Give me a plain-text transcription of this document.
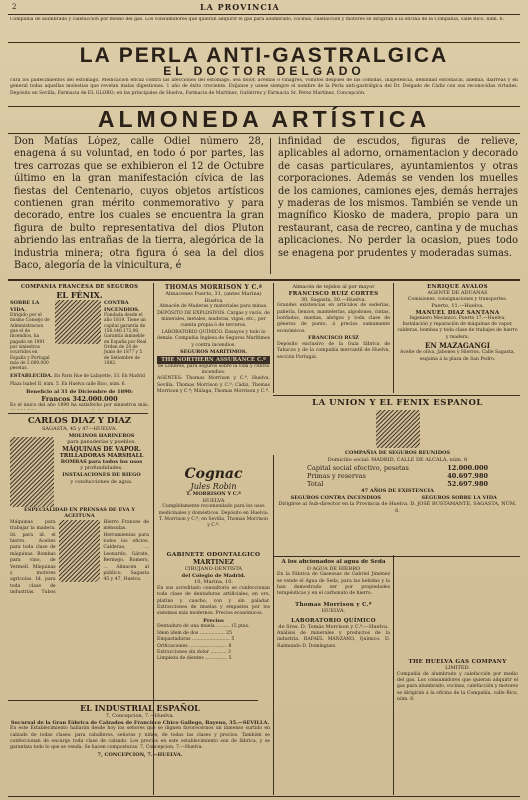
2	LA PROVINCIA
Compañía de alumbrado y calefacción por medio del gas. Los consumidores que quieran adquirir el gas para alumbrado, cocinas, calefacción y motores se dirigirán á la oficina de la Compañía, calle Rico, núm. 6.
LA PERLA ANTI-GASTRALGICA
EL DOCTOR DELGADO
cura los padecimientos del estómago. Medicación eficaz contra las afecciones del estómago, sea dolor, acedías ó vinagres, vómitos después de las comidas, inapetencia, debilidad estomacal, anemia, diarreas y en general todas aquellas molestias que revelan malas digestiones. 1 año de éxito creciente. Exíjanse y usese siempre el nombre de la Perla anti-gastrálgica del Dr. Delgado de Cádiz con sus reconocidas virtudes. Depósito en Sevilla, Farmacia de EL GLOBO; en las principales de Huelva, Farmacia de Martínez, Gutiérrez y Farmacia Sr. Pérez Martínez, Concepción.
ALMONEDA ARTÍSTICA
Don Matías López, calle Odiel número 28, enagena á su voluntad, en todo ó por partes, las tres carrozas que se exhibieron el 12 de Octubre último en la gran manifestación cívica de las fiestas del Centenario, cuyos objetos artísticos contienen gran mérito conmemorativo y para decorado, entre los cuales se encuentra la gran figura de bulto representativa del dios Pluton abriendo las entrañas de la tierra, alegórica de la industria minera; otra figura ó sea la del dios Baco, alegoría de la vinicultura, é
infinidad de escudos, figuras de relieve, aplicables al adorno, ornamentacion y decorado de casas particulares, ayuntamientos y otras corporaciones. Además se venden los muelles de los camiones, camiones ejes, demás herrajes y maderas de los mismos. También se vende un magnífico Kiosko de madera, propio para un restaurant, casa de recreo, cantina y de muchas aplicaciones. No perder la ocasion, pues todo se enagena por prudentes y moderadas sumas.
COMPAÑIA FRANCESA DE SEGUROS
EL FÉNIX.
SOBRE LA VIDA.
Dirigido por el mismo Consejo de Administracion que el de Incendios, ha pagado en 1891 por siniestros ocurridos en España y Portugal más de 2.000.000 pesetas.
CONTRA INCENDIOS.
Fundada desde el año 1819. Tiene un capital garantía de 156.140.172,00. Garantía inmueble en España por Real Orden de 28 de Junio de 1877 y 5 de Setiembre de 1882.
ESTABLECIDA. En Paris Rue de Lafayette, 33. En Madrid Plaza Isabel II, núm. 5. En Huelva calle Rico, núm. 6.
Beneficio al 31 de Diciembre de 1890:
Francos 342.000.000
Es el único del año 1890 ha satisfecho por siniestros más,
CARLOS DIAZ Y DIAZ
SAGASTA, 45 y 47—HUELVA.
MOLINOS HARINEROS
para panaderías y pueblos.
MÁQUINAS DE VAPOR.
TRILLADORAS MARSHALL
BOMBAS para todos los usos
y profundidades.
INSTALACIONES DE RIEGO
y conducciones de agua.
ESPECIALIDAD EN PRENSAS DE EVA Y ACEITUNA
Máquinas para trabajar la madera. Id. para id. el hierro. Aceites para toda clase de máquinas. Bombas para vino, de Vermell. Máquinas y motores agrícolas. Id. para toda clase de industrias. Tubos
Hierro Frances de ménsulas. Herramientas para todos los oficios. Calderas, ... Leonardo, Gárate, Bermejo, Romero, ... Almacen al público. Sagasta 45 y 47, Huelva.
EL INDUSTRIAL ESPAÑOL
7, Concepcion, 7.—Huelva.
Sucursal de la Gran Fábrica de Calzados de Francisco Chico Gallego, Bayeno, 35.—SEVILLA.
En este Establecimiento hallarán desde hoy los señores que se dignen favorecernos un inmenso surtido en calzado de todas clases: para caballeros, señoras y niños, de todas las clases y precios. También se confeccionan de encargo toda clase de calzado. Los precios en este establecimiento son de fábrica, y se garantiza todo lo que se venda. Se hacen composturas. 7, Concepcion, 7.—Huelva.
7, CONCEPCION, 7.—HUELVA.
THOMAS MORRISON Y C.ª
Almacenes Puerto, 31, (antes Marina) Huelva
Almacén de Maderas y materiales para minas. DEPÓSITO DE EXPLOSIVOS. Cargas y vacío, de minerales, metales, maderas, vigas, etc., por cuenta propia ó de terceros.
LABORATORIO QUÍMICO. Ensayos y todo lo demás. Compañia Inglesa de Seguros Marítimos y contra incendios.
SEGUROS MARÍTIMOS.
THE NORTHERN ASSURANCE C.º
de Londres, para seguros sobre la vida y contra incendios.
AGENTES: Thomas Morrison y C.ª, Huelva. Sevilla, Thomas Morrison y C.ª; Cádiz, Thomas Morrison y C.ª; Málaga, Thomas Morrison y C.ª.
Cognac
Jules Robin
T. MORRISON Y C.ª
HUELVA
Cumplidamente recomendado para los usos medicinales y domésticos. Depósito en Huelva: T. Morrison y C.ª; en Sevilla, Thomas Morrison y C.ª.
GABINETE ODONTALGICO
MARTINEZ
CIRUJANO-DENTISTA
del Colegio de Madrid.
10, Marina, 10.
En sus acreditado consultorio se confeccionan toda clase de dentaduras artificiales, en oro, platino y caucho, con y sin paladar. Extracciones de muelas y empastes por los sistemas más modernos. Precios económicos.
Precios
Dentadura de una muela ......... 15 ptas.
Idem idem de dos ................. 25
Empastaduras .......................... 5
Orificaciones .......................... 8
Extracciones sin dolor ........... 3
Limpieza de dientes ............... 5
Almacén de tejidos al por mayor
FRANCISCO RUIZ CORTES
30, Sagasta, 30.—Huelva.
Grandes existencias en artículos de sederías, pañería, lienzos, mantelerías, algodones, cintas, bordados, mantas, abrigos y toda clase de géneros de punto, á precios sumamente económicos.
FRANCISCO RUIZ
Depósito exclusivo de la Guía fábrica de Tabacos y de la compañía mercantil de Huelva, sección Portugal.
ENRIQUE ÁVALOS
AGENTE DE ADUANAS
Comisiones, consignaciones y transportes.
Puerto, 11.—Huelva.
MANUEL DIAZ SANTANA
Ingeniero Mecánico. Puerto 17.—Huelva. Instalación y reparación de máquinas de vapor, calderas, bombas y toda clase de trabajos de hierro y madera.
EN MAZAGANGI
Aceite de oliva, Jabones y Hierros. Calle Sagasta, esquina á la plaza de San Pedro.
LA UNION Y EL FENIX ESPAÑOL
COMPAÑIA DE SEGUROS REUNIDOS
Domicilio social: MADRID, CALLE DE ALCALÁ, núm. 8
Capital social efectivo, pesetas	12.000.000
Primas y reservas	40.697.980
Total	52.697.980
47 AÑOS DE EXISTENCIA
SEGUROS CONTRA INCENDIOS	SEGUROS SOBRE LA VIDA
Dirigirse al Sub-director en la Provincia de Huelva, D. JOSÉ BUSTAMANTE, SAGASTA, NÚM. 6.
A los aficionados al agua de Seda
O AGUA DE HIERRO
En la Fábrica de Gaseosas de Gabriel Jiménez se vende el Agua de Seda, para las bebidas y la han demostrado ser por propiedades terapéuticas y en el carbonato de hierro.
Thomas Morrison y C.ª
HUELVA.
LABORATORIO QUÍMICO
de Sres. D. Tomás Morrison y C.ª.—Huelva.
Análisis de minerales y productos de la industria. RAFAEL MANZANO, Químico. D. Raimundo D. Domínguez.
THE HUELVA GAS COMPANY
LIMITED.
Compañía de alumbrado y calefacción por medio del gas. Los consumidores que quieran adquirir el gas para alumbrado, cocinas, calefacción y motores se dirigirán á la oficina de la Compañía, calle Rico, núm. 6.
